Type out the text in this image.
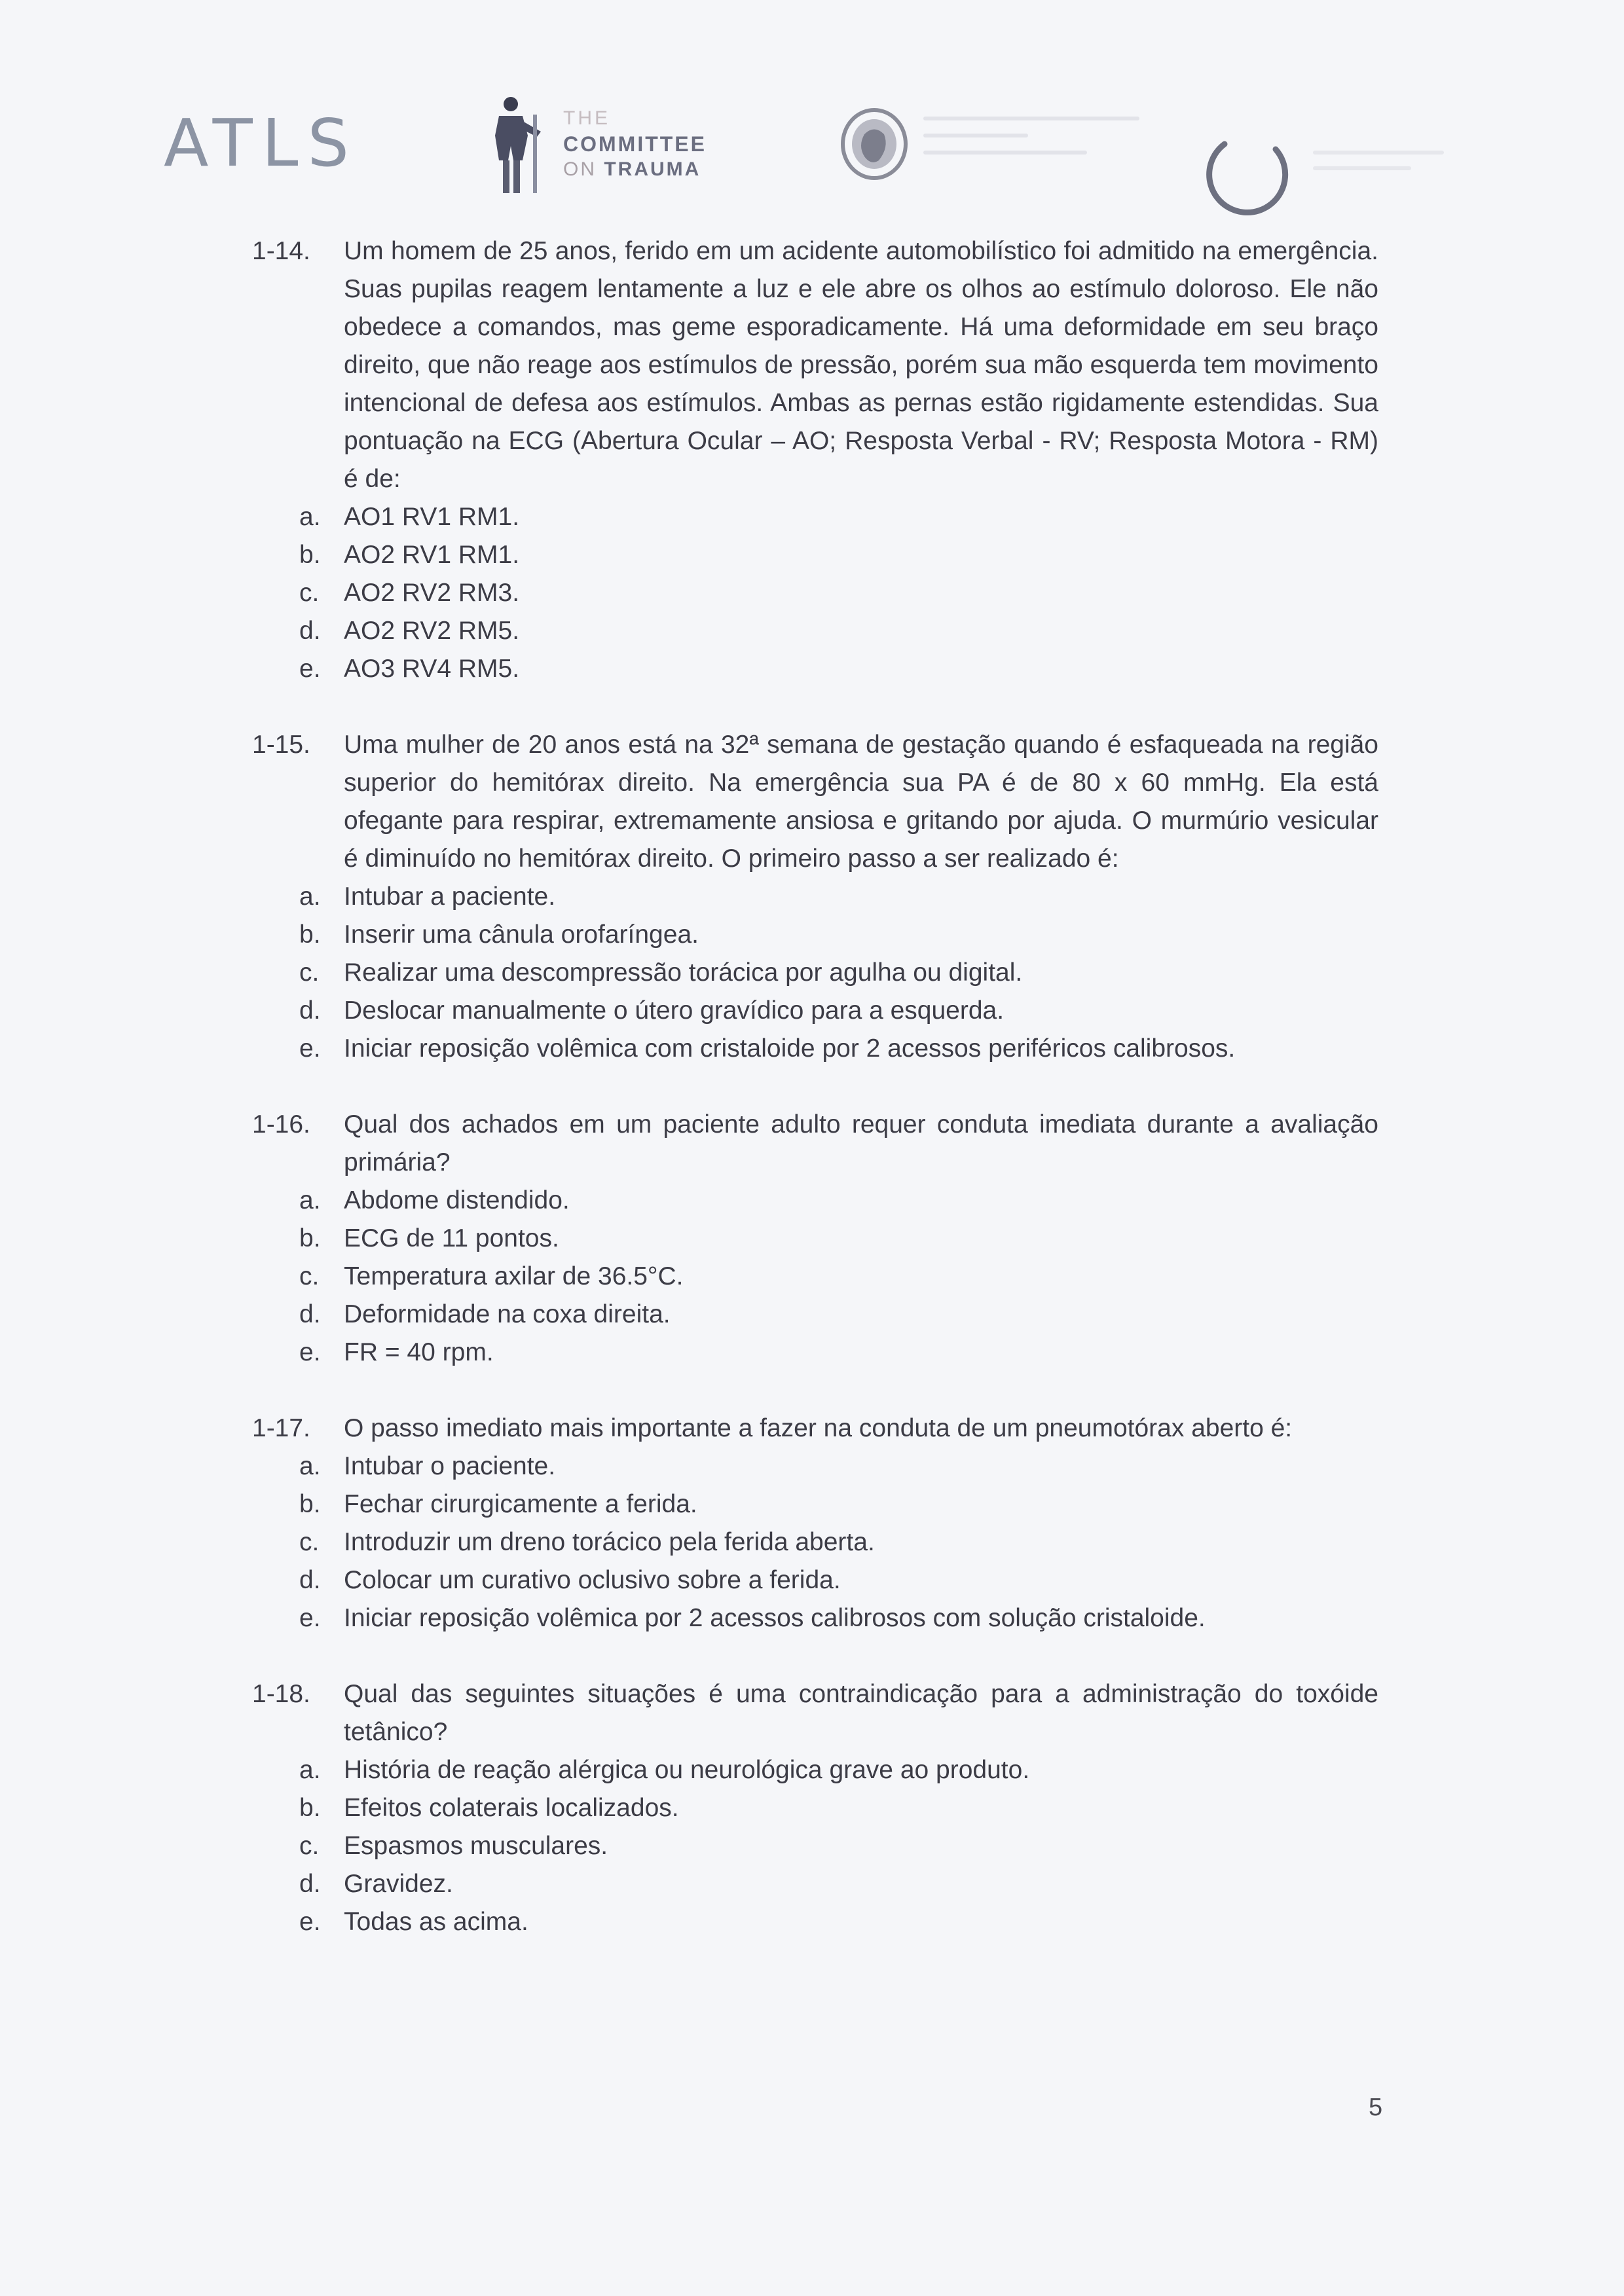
ATLS	THE
COMMITTEE
ON TRAUMA
1-14.	Um homem de 25 anos, ferido em um acidente automobilístico foi admitido na emergência. Suas pupilas reagem lentamente a luz e ele abre os olhos ao estímulo doloroso. Ele não obedece a comandos, mas geme esporadicamente. Há uma deformidade em seu braço direito, que não reage aos estímulos de pressão, porém sua mão esquerda tem movimento intencional de defesa aos estímulos. Ambas as pernas estão rigidamente estendidas. Sua pontuação na ECG (Abertura Ocular – AO; Resposta Verbal - RV; Resposta Motora - RM) é de:
a. AO1 RV1 RM1.
b. AO2 RV1 RM1.
c. AO2 RV2 RM3.
d. AO2 RV2 RM5.
e. AO3 RV4 RM5.
1-15.	Uma mulher de 20 anos está na 32ª semana de gestação quando é esfaqueada na região superior do hemitórax direito. Na emergência sua PA é de 80 x 60 mmHg. Ela está ofegante para respirar, extremamente ansiosa e gritando por ajuda. O murmúrio vesicular é diminuído no hemitórax direito. O primeiro passo a ser realizado é:
a. Intubar a paciente.
b. Inserir uma cânula orofaríngea.
c. Realizar uma descompressão torácica por agulha ou digital.
d. Deslocar manualmente o útero gravídico para a esquerda.
e. Iniciar reposição volêmica com cristaloide por 2 acessos periféricos calibrosos.
1-16.	Qual dos achados em um paciente adulto requer conduta imediata durante a avaliação primária?
a. Abdome distendido.
b. ECG de 11 pontos.
c. Temperatura axilar de 36.5°C.
d. Deformidade na coxa direita.
e. FR = 40 rpm.
1-17.	O passo imediato mais importante a fazer na conduta de um pneumotórax aberto é:
a. Intubar o paciente.
b. Fechar cirurgicamente a ferida.
c. Introduzir um dreno torácico pela ferida aberta.
d. Colocar um curativo oclusivo sobre a ferida.
e. Iniciar reposição volêmica por 2 acessos calibrosos com solução cristaloide.
1-18.	Qual das seguintes situações é uma contraindicação para a administração do toxóide tetânico?
a. História de reação alérgica ou neurológica grave ao produto.
b. Efeitos colaterais localizados.
c. Espasmos musculares.
d. Gravidez.
e. Todas as acima.
5
